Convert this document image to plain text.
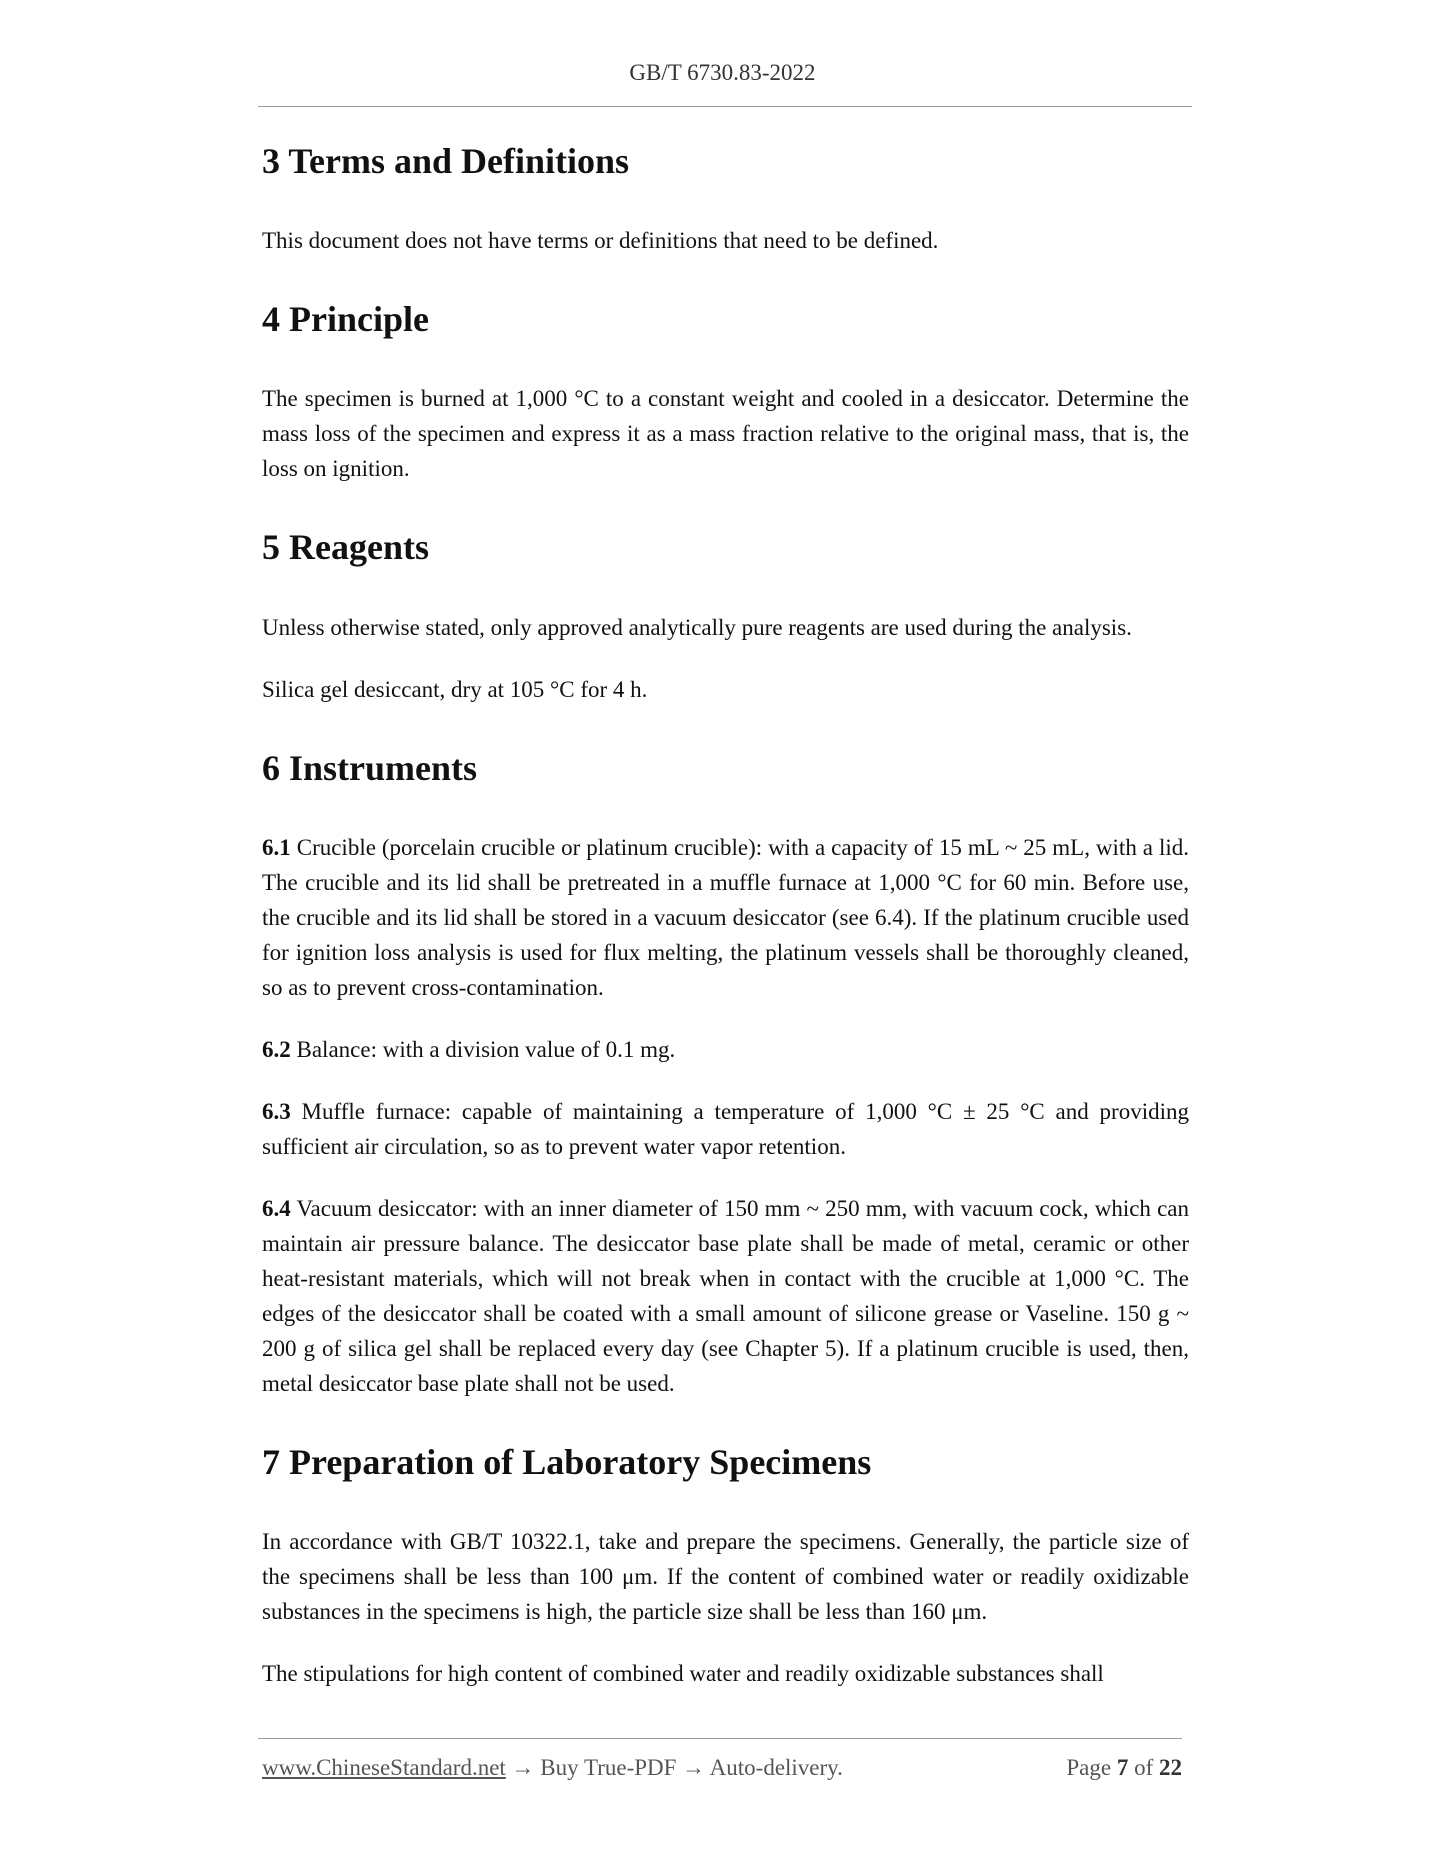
GB/T 6730.83-2022
3 Terms and Definitions

This document does not have terms or definitions that need to be defined.

4 Principle

The specimen is burned at 1,000 °C to a constant weight and cooled in a desiccator. Determine the mass loss of the specimen and express it as a mass fraction relative to the original mass, that is, the loss on ignition.

5 Reagents

Unless otherwise stated, only approved analytically pure reagents are used during the analysis.

Silica gel desiccant, dry at 105 °C for 4 h.

6 Instruments

6.1 Crucible (porcelain crucible or platinum crucible): with a capacity of 15 mL ~ 25 mL, with a lid. The crucible and its lid shall be pretreated in a muffle furnace at 1,000 °C for 60 min. Before use, the crucible and its lid shall be stored in a vacuum desiccator (see 6.4). If the platinum crucible used for ignition loss analysis is used for flux melting, the platinum vessels shall be thoroughly cleaned, so as to prevent cross-contamination.

6.2 Balance: with a division value of 0.1 mg.

6.3 Muffle furnace: capable of maintaining a temperature of 1,000 °C ± 25 °C and providing sufficient air circulation, so as to prevent water vapor retention.

6.4 Vacuum desiccator: with an inner diameter of 150 mm ~ 250 mm, with vacuum cock, which can maintain air pressure balance. The desiccator base plate shall be made of metal, ceramic or other heat-resistant materials, which will not break when in contact with the crucible at 1,000 °C. The edges of the desiccator shall be coated with a small amount of silicone grease or Vaseline. 150 g ~ 200 g of silica gel shall be replaced every day (see Chapter 5). If a platinum crucible is used, then, metal desiccator base plate shall not be used.

7 Preparation of Laboratory Specimens

In accordance with GB/T 10322.1, take and prepare the specimens. Generally, the particle size of the specimens shall be less than 100 μm. If the content of combined water or readily oxidizable substances in the specimens is high, the particle size shall be less than 160 μm.

The stipulations for high content of combined water and readily oxidizable substances shall

www.ChineseStandard.net → Buy True-PDF → Auto-delivery.	Page 7 of 22
